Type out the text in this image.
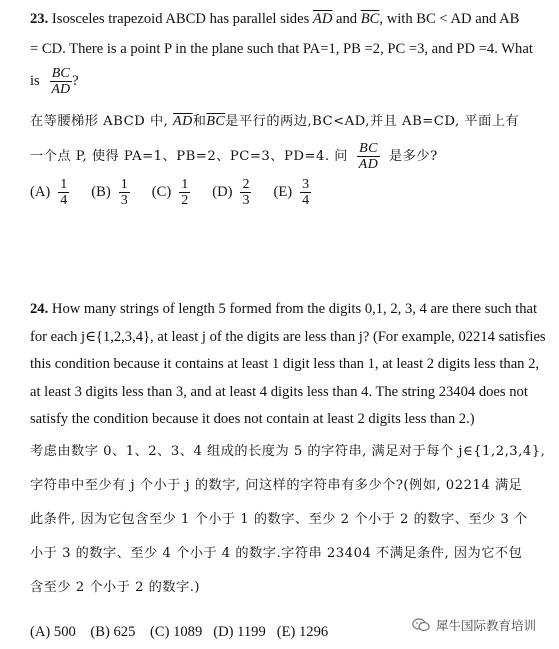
23. Isosceles trapezoid ABCD has parallel sides $\overline{AD}$ and $\overline{BC}$, with BC < AD and AB
= CD. There is a point P in the plane such that PA=1, PB =2, PC =3, and PD =4. What
is $\frac{BC}{AD}$ ?
在等腰梯形 ABCD 中, $\overline{AD}$和$\overline{BC}$是平行的两边,BC<AD,并且 AB=CD, 平面上有
一个点 P, 使得 PA=1、PB=2、PC=3、PD=4. 问 $\frac{BC}{AD}$ 是多少?
$(A) \frac{1}{4} (B) \frac{1}{3} (C) \frac{1}{2} (D) \frac{2}{3} (E) \frac{3}{4}$
24. How many strings of length 5 formed from the digits 0,1, 2, 3, 4 are there such that
for each j∈{1,2,3,4}, at least j of the digits are less than j? (For example, 02214 satisfies
this condition because it contains at least 1 digit less than 1, at least 2 digits less than 2,
at least 3 digits less than 3, and at least 4 digits less than 4. The string 23404 does not
satisfy the condition because it does not contain at least 2 digits less than 2.)
考虑由数字 0、1、2、3、4 组成的长度为 5 的字符串, 满足对于每个 j∈{1,2,3,4},
字符串中至少有 j 个小于 j 的数字, 问这样的字符串有多少个?(例如, 02214 满足
此条件, 因为它包含至少 1 个小于 1 的数字、至少 2 个小于 2 的数字、至少 3 个
小于 3 的数字、至少 4 个小于 4 的数字.字符串 23404 不满足条件, 因为它不包
含至少 2 个小于 2 的数字.)
(A) 500    (B) 625    (C) 1089   (D) 1199   (E) 1296	犀牛国际教育培训
